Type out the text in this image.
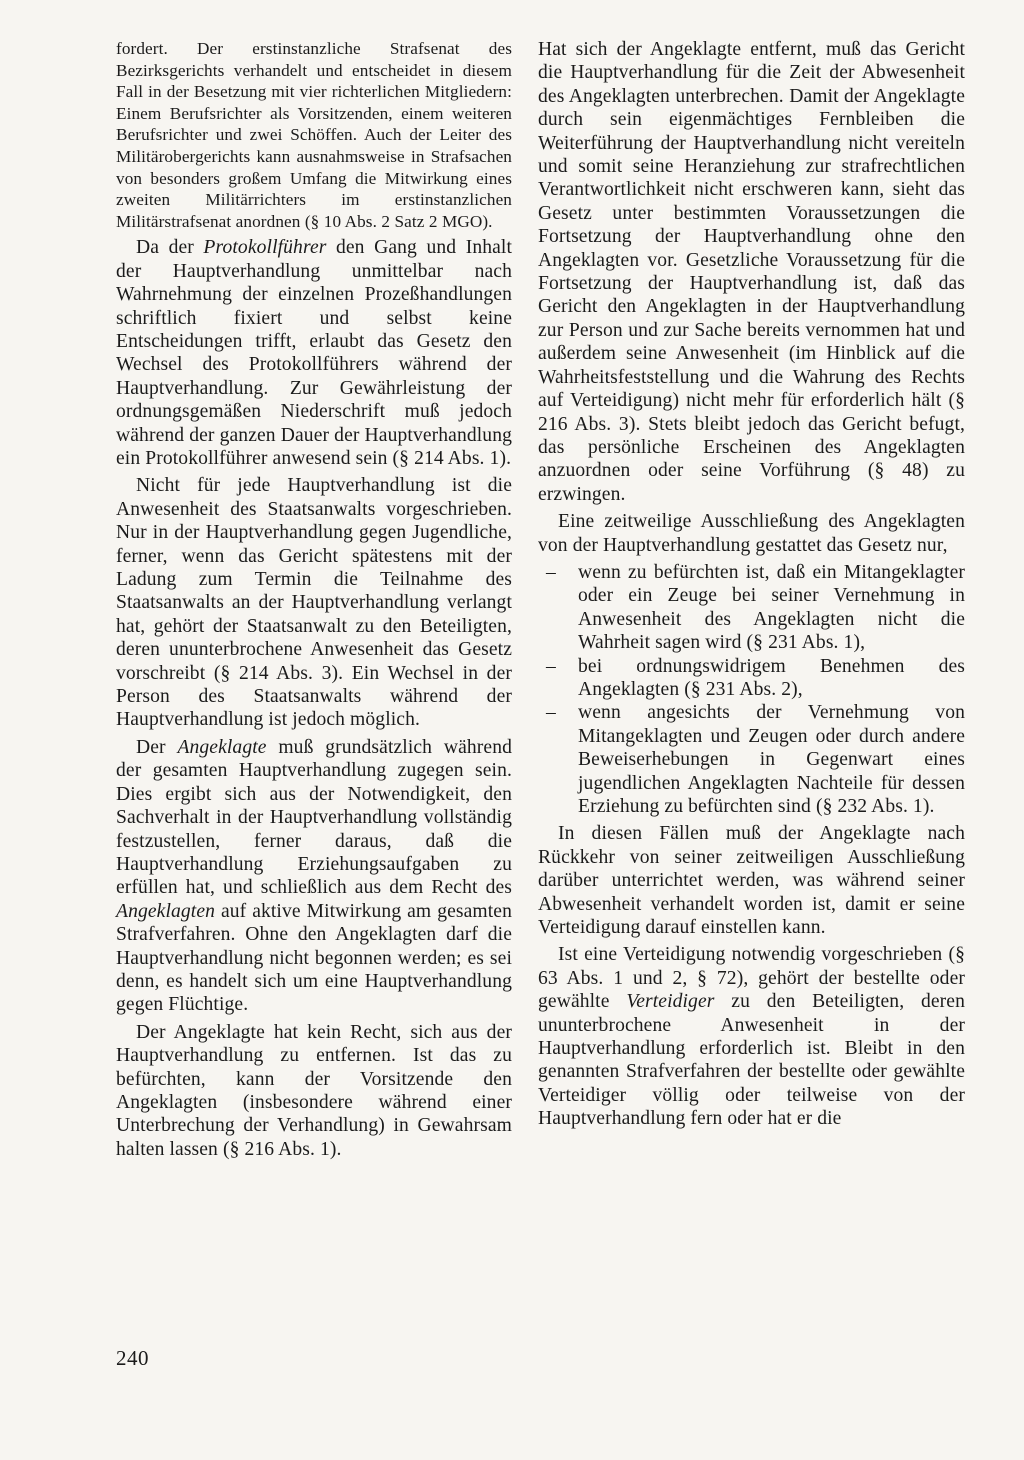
fordert. Der erstinstanzliche Strafsenat des Bezirksgerichts verhandelt und entscheidet in diesem Fall in der Besetzung mit vier richterlichen Mitgliedern: Einem Berufsrichter als Vorsitzenden, einem weiteren Berufsrichter und zwei Schöffen. Auch der Leiter des Militärobergerichts kann ausnahmsweise in Strafsachen von besonders großem Umfang die Mitwirkung eines zweiten Militärrichters im erstinstanzlichen Militärstrafsenat anordnen (§ 10 Abs. 2 Satz 2 MGO).

Da der Protokollführer den Gang und Inhalt der Hauptverhandlung unmittelbar nach Wahrnehmung der einzelnen Prozeßhandlungen schriftlich fixiert und selbst keine Entscheidungen trifft, erlaubt das Gesetz den Wechsel des Protokollführers während der Hauptverhandlung. Zur Gewährleistung der ordnungsgemäßen Niederschrift muß jedoch während der ganzen Dauer der Hauptverhandlung ein Protokollführer anwesend sein (§ 214 Abs. 1).

Nicht für jede Hauptverhandlung ist die Anwesenheit des Staatsanwalts vorgeschrieben. Nur in der Hauptverhandlung gegen Jugendliche, ferner, wenn das Gericht spätestens mit der Ladung zum Termin die Teilnahme des Staatsanwalts an der Hauptverhandlung verlangt hat, gehört der Staatsanwalt zu den Beteiligten, deren ununterbrochene Anwesenheit das Gesetz vorschreibt (§ 214 Abs. 3). Ein Wechsel in der Person des Staatsanwalts während der Hauptverhandlung ist jedoch möglich.

Der Angeklagte muß grundsätzlich während der gesamten Hauptverhandlung zugegen sein. Dies ergibt sich aus der Notwendigkeit, den Sachverhalt in der Hauptverhandlung vollständig festzustellen, ferner daraus, daß die Hauptverhandlung Erziehungsaufgaben zu erfüllen hat, und schließlich aus dem Recht des Angeklagten auf aktive Mitwirkung am gesamten Strafverfahren. Ohne den Angeklagten darf die Hauptverhandlung nicht begonnen werden; es sei denn, es handelt sich um eine Hauptverhandlung gegen Flüchtige.

Der Angeklagte hat kein Recht, sich aus der Hauptverhandlung zu entfernen. Ist das zu befürchten, kann der Vorsitzende den Angeklagten (insbesondere während einer Unterbrechung der Verhandlung) in Gewahrsam halten lassen (§ 216 Abs. 1).

Hat sich der Angeklagte entfernt, muß das Gericht die Hauptverhandlung für die Zeit der Abwesenheit des Angeklagten unterbrechen. Damit der Angeklagte durch sein eigenmächtiges Fernbleiben die Weiterführung der Hauptverhandlung nicht vereiteln und somit seine Heranziehung zur strafrechtlichen Verantwortlichkeit nicht erschweren kann, sieht das Gesetz unter bestimmten Voraussetzungen die Fortsetzung der Hauptverhandlung ohne den Angeklagten vor. Gesetzliche Voraussetzung für die Fortsetzung der Hauptverhandlung ist, daß das Gericht den Angeklagten in der Hauptverhandlung zur Person und zur Sache bereits vernommen hat und außerdem seine Anwesenheit (im Hinblick auf die Wahrheitsfeststellung und die Wahrung des Rechts auf Verteidigung) nicht mehr für erforderlich hält (§ 216 Abs. 3). Stets bleibt jedoch das Gericht befugt, das persönliche Erscheinen des Angeklagten anzuordnen oder seine Vorführung (§ 48) zu erzwingen.

Eine zeitweilige Ausschließung des Angeklagten von der Hauptverhandlung gestattet das Gesetz nur,

– wenn zu befürchten ist, daß ein Mitangeklagter oder ein Zeuge bei seiner Vernehmung in Anwesenheit des Angeklagten nicht die Wahrheit sagen wird (§ 231 Abs. 1),
– bei ordnungswidrigem Benehmen des Angeklagten (§ 231 Abs. 2),
– wenn angesichts der Vernehmung von Mitangeklagten und Zeugen oder durch andere Beweiserhebungen in Gegenwart eines jugendlichen Angeklagten Nachteile für dessen Erziehung zu befürchten sind (§ 232 Abs. 1).

In diesen Fällen muß der Angeklagte nach Rückkehr von seiner zeitweiligen Ausschließung darüber unterrichtet werden, was während seiner Abwesenheit verhandelt worden ist, damit er seine Verteidigung darauf einstellen kann.

Ist eine Verteidigung notwendig vorgeschrieben (§ 63 Abs. 1 und 2, § 72), gehört der bestellte oder gewählte Verteidiger zu den Beteiligten, deren ununterbrochene Anwesenheit in der Hauptverhandlung erforderlich ist. Bleibt in den genannten Strafverfahren der bestellte oder gewählte Verteidiger völlig oder teilweise von der Hauptverhandlung fern oder hat er die

240
